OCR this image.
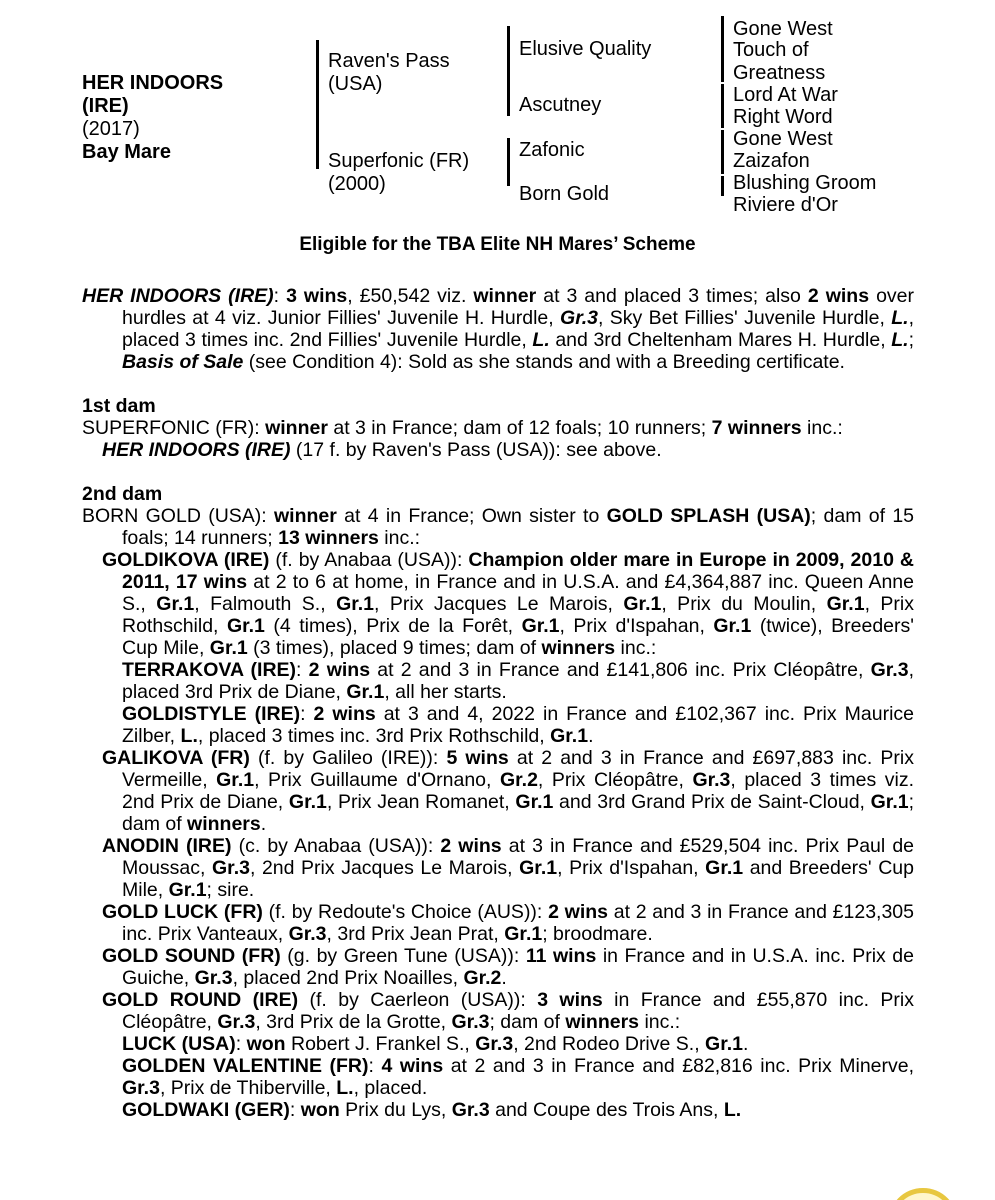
HER INDOORS
(IRE)
(2017)
Bay Mare
Raven's Pass
(USA)
Superfonic (FR)
(2000)
Elusive Quality
Ascutney
Zafonic
Born Gold
Gone West
Touch of
Greatness
Lord At War
Right Word
Gone West
Zaizafon
Blushing Groom
Riviere d'Or
Eligible for the TBA Elite NH Mares’ Scheme
HER INDOORS (IRE): 3 wins, £50,542 viz. winner at 3 and placed 3 times; also 2 wins over hurdles at 4 viz. Junior Fillies' Juvenile H. Hurdle, Gr.3, Sky Bet Fillies' Juvenile Hurdle, L., placed 3 times inc. 2nd Fillies' Juvenile Hurdle, L. and 3rd Cheltenham Mares H. Hurdle, L.; Basis of Sale (see Condition 4): Sold as she stands and with a Breeding certificate.
1st dam
SUPERFONIC (FR): winner at 3 in France; dam of 12 foals; 10 runners; 7 winners inc.:
HER INDOORS (IRE) (17 f. by Raven's Pass (USA)): see above.
2nd dam
BORN GOLD (USA): winner at 4 in France; Own sister to GOLD SPLASH (USA); dam of 15 foals; 14 runners; 13 winners inc.:
GOLDIKOVA (IRE) (f. by Anabaa (USA)): Champion older mare in Europe in 2009, 2010 & 2011, 17 wins at 2 to 6 at home, in France and in U.S.A. and £4,364,887 inc. Queen Anne S., Gr.1, Falmouth S., Gr.1, Prix Jacques Le Marois, Gr.1, Prix du Moulin, Gr.1, Prix Rothschild, Gr.1 (4 times), Prix de la Forêt, Gr.1, Prix d'Ispahan, Gr.1 (twice), Breeders' Cup Mile, Gr.1 (3 times), placed 9 times; dam of winners inc.:
TERRAKOVA (IRE): 2 wins at 2 and 3 in France and £141,806 inc. Prix Cléopâtre, Gr.3, placed 3rd Prix de Diane, Gr.1, all her starts.
GOLDISTYLE (IRE): 2 wins at 3 and 4, 2022 in France and £102,367 inc. Prix Maurice Zilber, L., placed 3 times inc. 3rd Prix Rothschild, Gr.1.
GALIKOVA (FR) (f. by Galileo (IRE)): 5 wins at 2 and 3 in France and £697,883 inc. Prix Vermeille, Gr.1, Prix Guillaume d'Ornano, Gr.2, Prix Cléopâtre, Gr.3, placed 3 times viz. 2nd Prix de Diane, Gr.1, Prix Jean Romanet, Gr.1 and 3rd Grand Prix de Saint-Cloud, Gr.1; dam of winners.
ANODIN (IRE) (c. by Anabaa (USA)): 2 wins at 3 in France and £529,504 inc. Prix Paul de Moussac, Gr.3, 2nd Prix Jacques Le Marois, Gr.1, Prix d'Ispahan, Gr.1 and Breeders' Cup Mile, Gr.1; sire.
GOLD LUCK (FR) (f. by Redoute's Choice (AUS)): 2 wins at 2 and 3 in France and £123,305 inc. Prix Vanteaux, Gr.3, 3rd Prix Jean Prat, Gr.1; broodmare.
GOLD SOUND (FR) (g. by Green Tune (USA)): 11 wins in France and in U.S.A. inc. Prix de Guiche, Gr.3, placed 2nd Prix Noailles, Gr.2.
GOLD ROUND (IRE) (f. by Caerleon (USA)): 3 wins in France and £55,870 inc. Prix Cléopâtre, Gr.3, 3rd Prix de la Grotte, Gr.3; dam of winners inc.:
LUCK (USA): won Robert J. Frankel S., Gr.3, 2nd Rodeo Drive S., Gr.1.
GOLDEN VALENTINE (FR): 4 wins at 2 and 3 in France and £82,816 inc. Prix Minerve, Gr.3, Prix de Thiberville, L., placed.
GOLDWAKI (GER): won Prix du Lys, Gr.3 and Coupe des Trois Ans, L.
